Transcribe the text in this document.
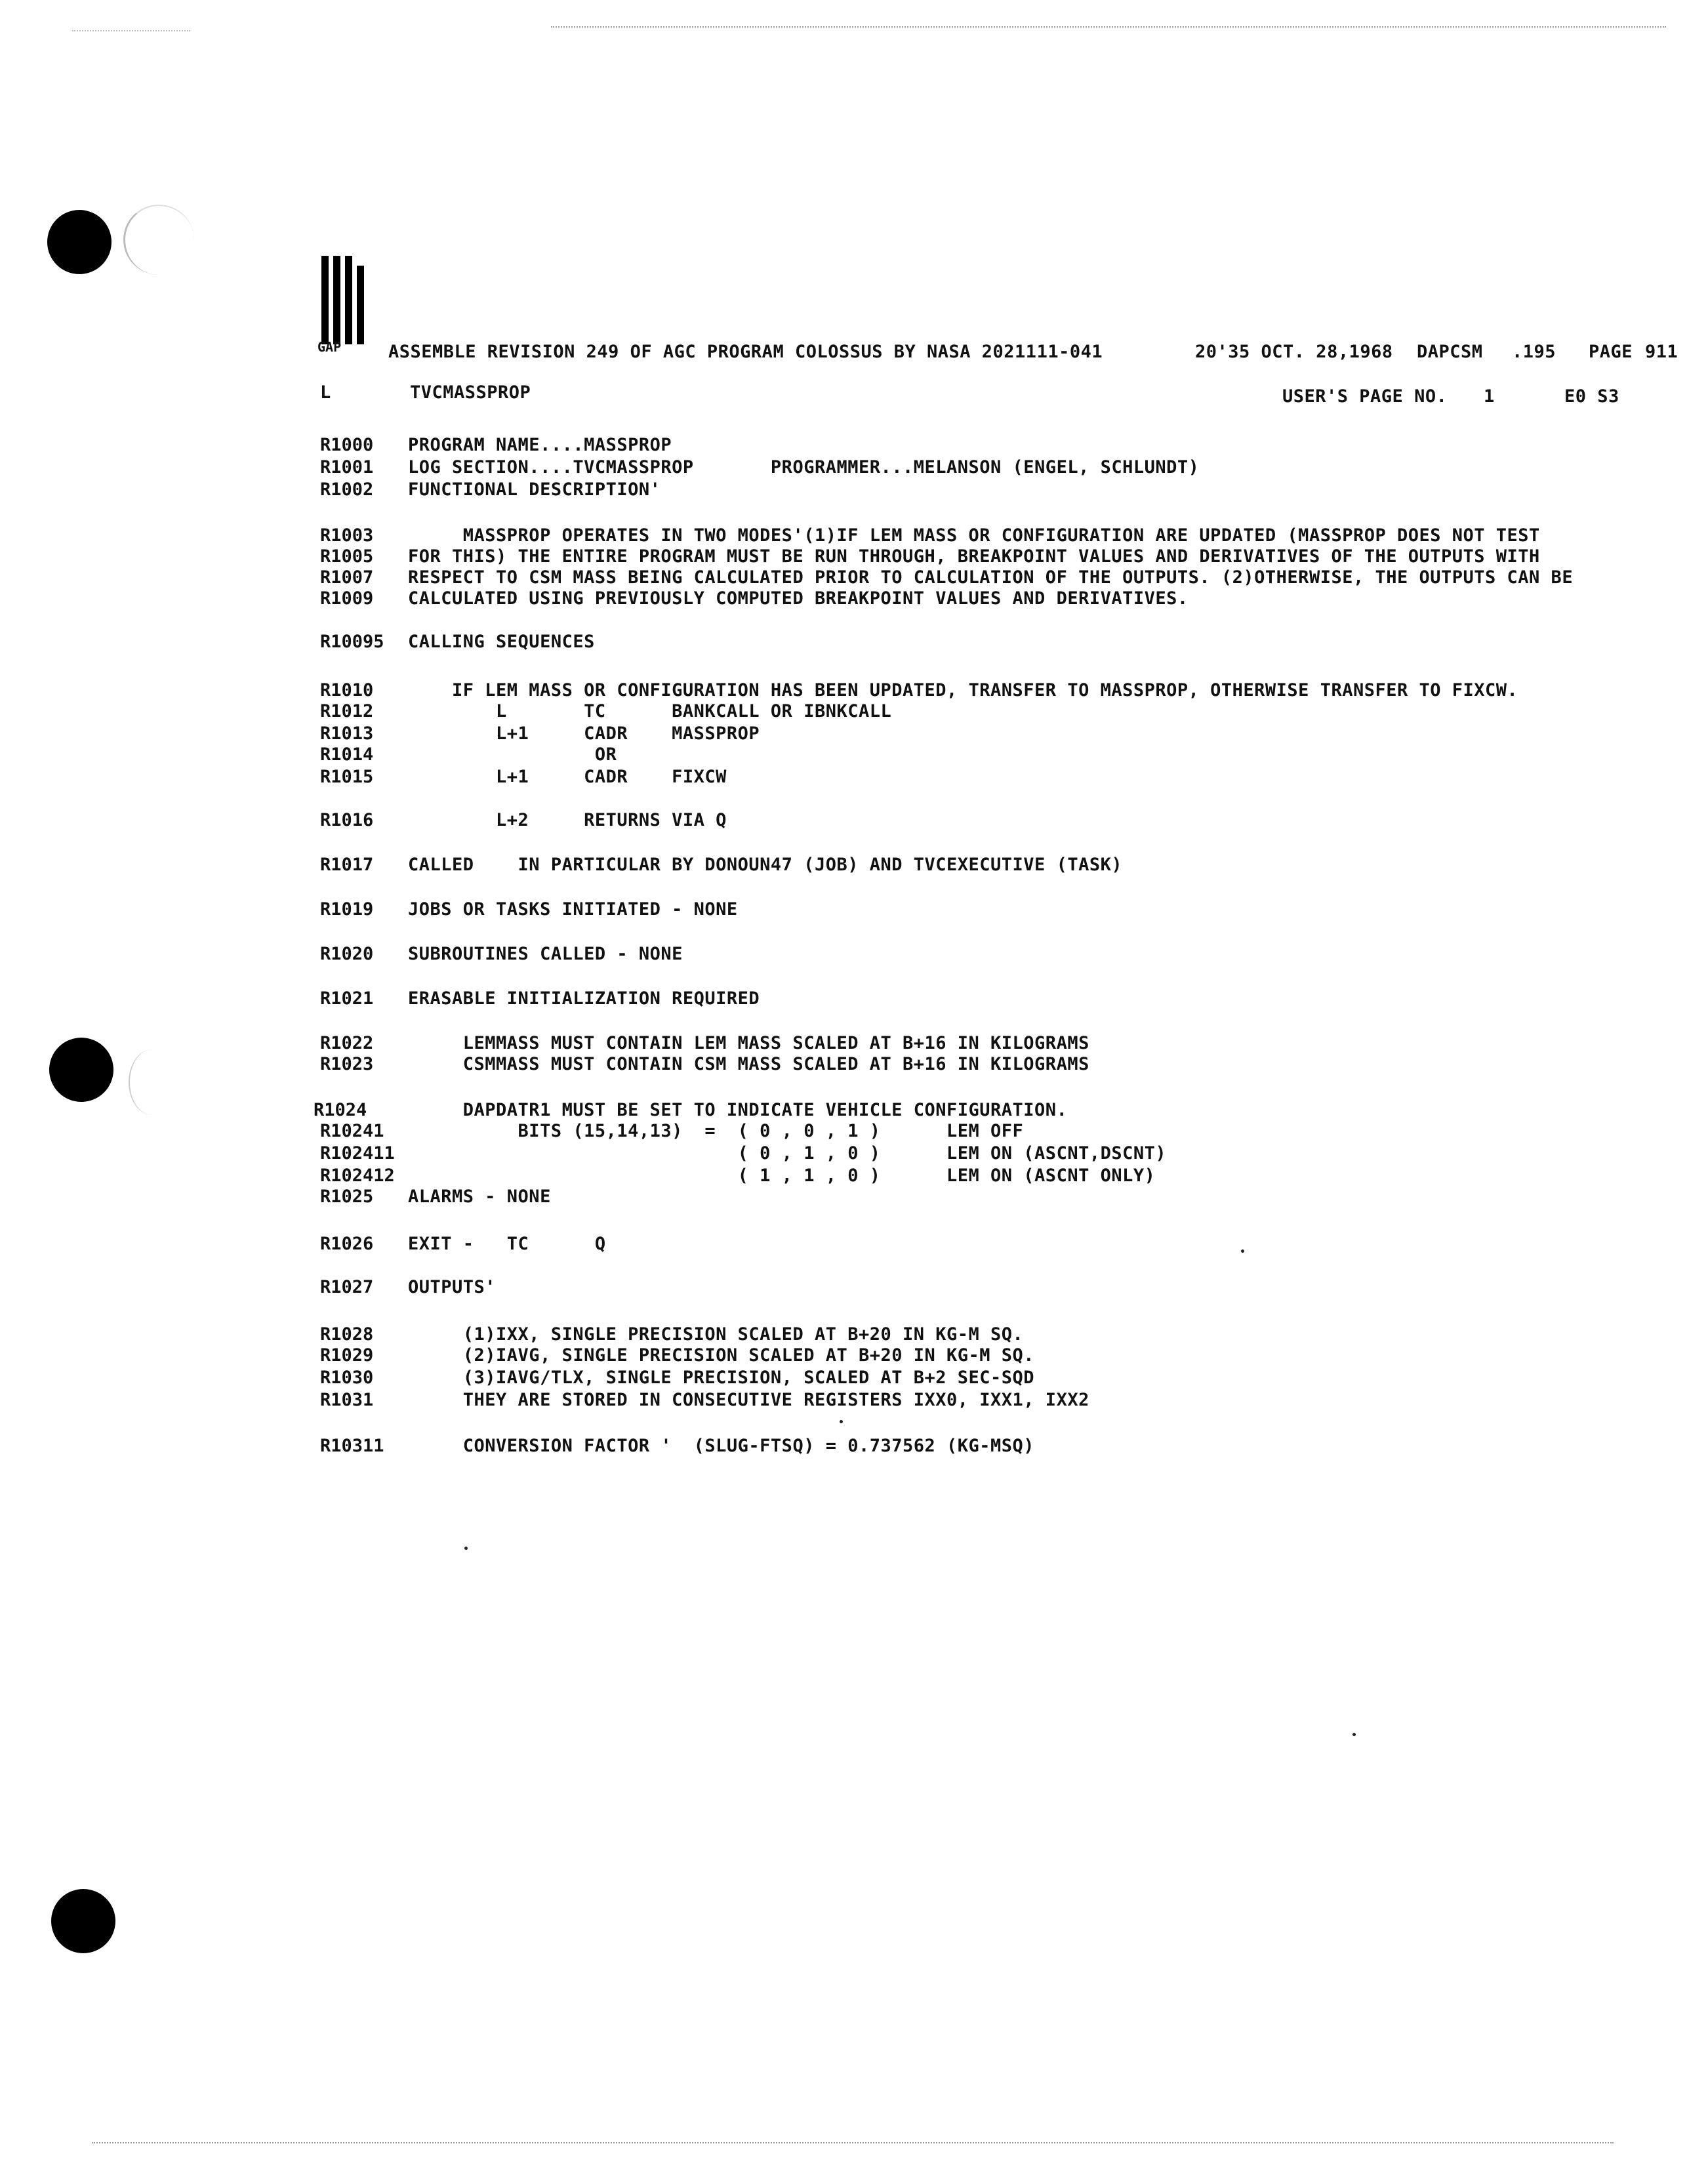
GAP	ASSEMBLE REVISION 249 OF AGC PROGRAM COLOSSUS BY NASA 2021111-041	20'35 OCT. 28,1968 DAPCSM .195 PAGE 911
L	TVCMASSPROP	USER'S PAGE NO. 1	E0 S3
R1000 PROGRAM NAME....MASSPROP
R1001 LOG SECTION....TVCMASSPROP       PROGRAMMER...MELANSON (ENGEL, SCHLUNDT)
R1002 FUNCTIONAL DESCRIPTION'
R1003 MASSPROP OPERATES IN TWO MODES'(1)IF LEM MASS OR CONFIGURATION ARE UPDATED (MASSPROP DOES NOT TEST
R1005 FOR THIS) THE ENTIRE PROGRAM MUST BE RUN THROUGH, BREAKPOINT VALUES AND DERIVATIVES OF THE OUTPUTS WITH
R1007 RESPECT TO CSM MASS BEING CALCULATED PRIOR TO CALCULATION OF THE OUTPUTS. (2)OTHERWISE, THE OUTPUTS CAN BE
R1009 CALCULATED USING PREVIOUSLY COMPUTED BREAKPOINT VALUES AND DERIVATIVES.
R10095 CALLING SEQUENCES
R1010 IF LEM MASS OR CONFIGURATION HAS BEEN UPDATED, TRANSFER TO MASSPROP, OTHERWISE TRANSFER TO FIXCW.
R1012 L       TC      BANKCALL OR IBNKCALL
R1013 L+1     CADR    MASSPROP
R1014 OR
R1015 L+1     CADR    FIXCW
R1016 L+2     RETURNS VIA Q
R1017 CALLED    IN PARTICULAR BY DONOUN47 (JOB) AND TVCEXECUTIVE (TASK)
R1019 JOBS OR TASKS INITIATED - NONE
R1020 SUBROUTINES CALLED - NONE
R1021 ERASABLE INITIALIZATION REQUIRED
R1022 LEMMASS MUST CONTAIN LEM MASS SCALED AT B+16 IN KILOGRAMS
R1023 CSMMASS MUST CONTAIN CSM MASS SCALED AT B+16 IN KILOGRAMS
R1024 DAPDATR1 MUST BE SET TO INDICATE VEHICLE CONFIGURATION.
R10241 BITS (15,14,13)  =  ( 0 , 0 , 1 )      LEM OFF
R102411 ( 0 , 1 , 0 )      LEM ON (ASCNT,DSCNT)
R102412 ( 1 , 1 , 0 )      LEM ON (ASCNT ONLY)
R1025 ALARMS - NONE
R1026 EXIT -   TC      Q
R1027 OUTPUTS'
R1028 (1)IXX, SINGLE PRECISION SCALED AT B+20 IN KG-M SQ.
R1029 (2)IAVG, SINGLE PRECISION SCALED AT B+20 IN KG-M SQ.
R1030 (3)IAVG/TLX, SINGLE PRECISION, SCALED AT B+2 SEC-SQD
R1031 THEY ARE STORED IN CONSECUTIVE REGISTERS IXX0, IXX1, IXX2
R10311 CONVERSION FACTOR '  (SLUG-FTSQ) = 0.737562 (KG-MSQ)
